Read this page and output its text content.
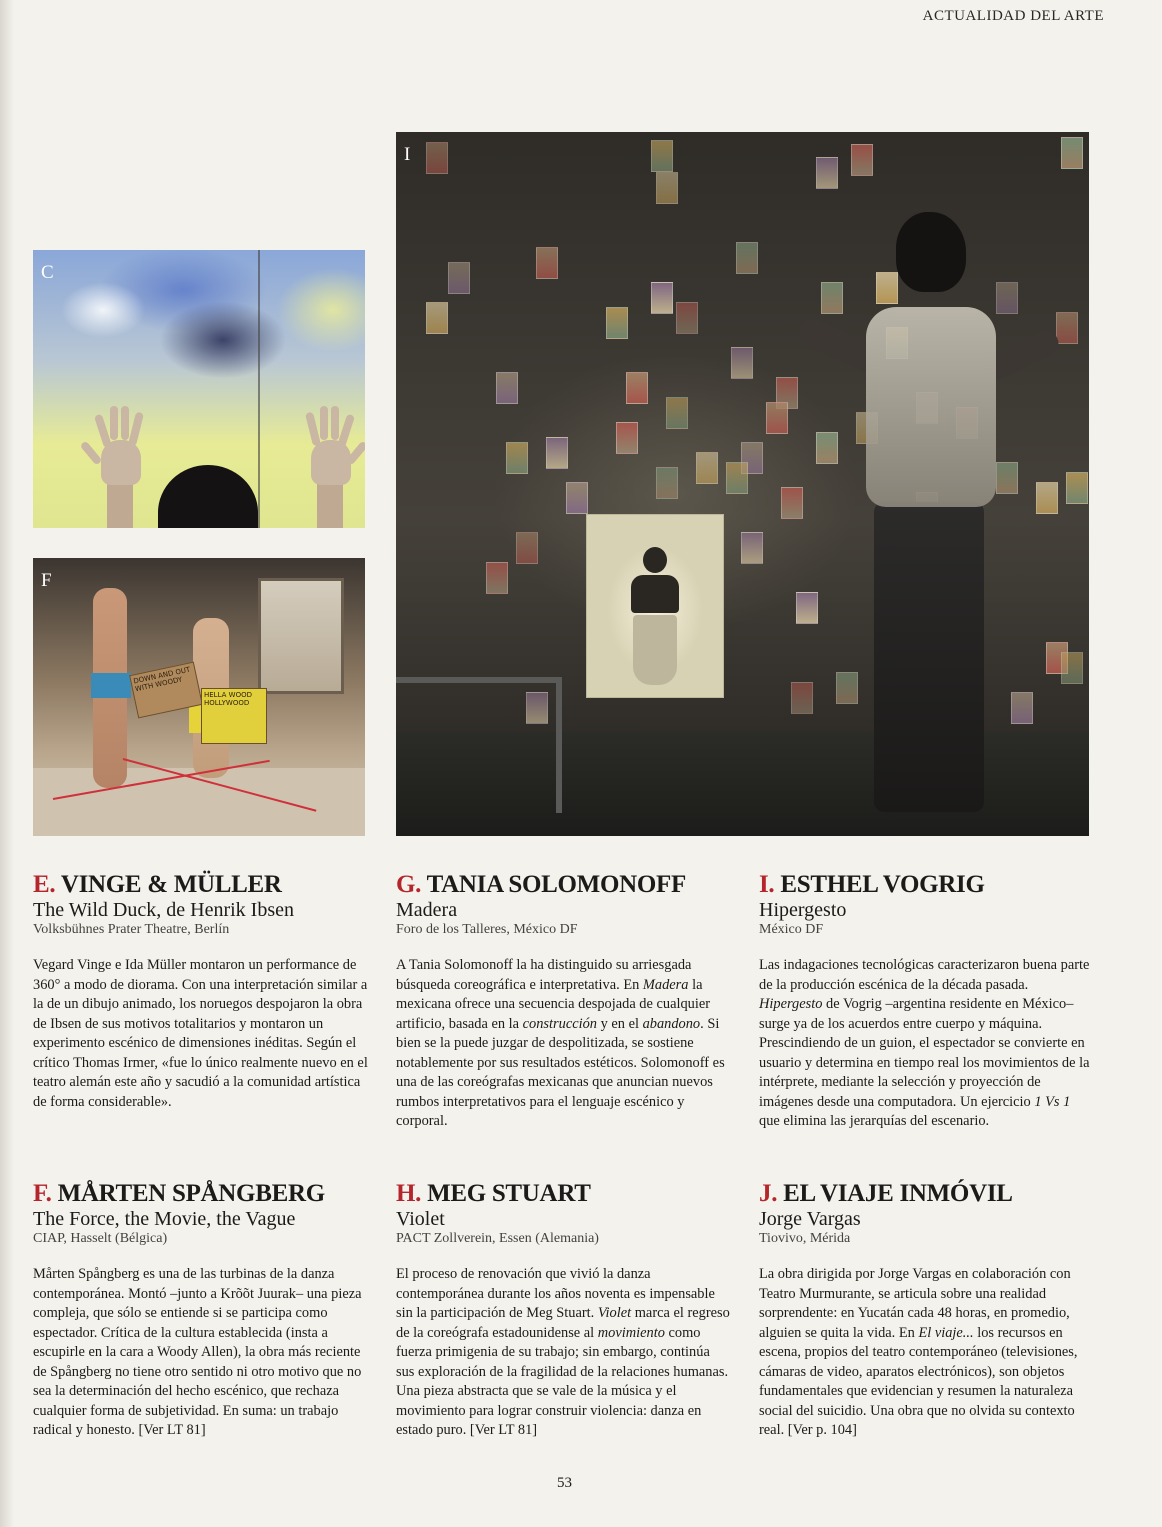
ACTUALIDAD DEL ARTE
C
DOWN AND OUT WITH WOODY
HELLA WOOD HOLLYWOOD
F
I
E. VINGE & MÜLLER

The Wild Duck, de Henrik Ibsen

Volksbühnes Prater Theatre, Berlín

Vegard Vinge e Ida Müller montaron un performance de 360° a modo de diorama. Con una interpretación similar a la de un dibujo animado, los noruegos despojaron la obra de Ibsen de sus motivos totalitarios y montaron un experimento escénico de dimensiones inéditas. Según el crítico Thomas Irmer, «fue lo único realmente nuevo en el teatro alemán este año y sacudió a la comunidad artística de forma considerable».

F. MÅRTEN SPÅNGBERG

The Force, the Movie, the Vague

CIAP, Hasselt (Bélgica)

Mårten Spångberg es una de las turbinas de la danza contemporánea. Montó –junto a Krõõt Juurak– una pieza compleja, que sólo se entiende si se participa como espectador. Crítica de la cultura establecida (insta a escupirle en la cara a Woody Allen), la obra más reciente de Spångberg no tiene otro sentido ni otro motivo que no sea la determinación del hecho escénico, que rechaza cualquier forma de subjetividad. En suma: un trabajo radical y honesto. [Ver LT 81]

G. TANIA SOLOMONOFF

Madera

Foro de los Talleres, México DF

A Tania Solomonoff la ha distinguido su arriesgada búsqueda coreográfica e interpretativa. En Madera la mexicana ofrece una secuencia despojada de cualquier artificio, basada en la construcción y en el abandono. Si bien se la puede juzgar de despolitizada, se sostiene notablemente por sus resultados estéticos. Solomonoff es una de las coreógrafas mexicanas que anuncian nuevos rumbos interpretativos para el lenguaje escénico y corporal.

H. MEG STUART

Violet

PACT Zollverein, Essen (Alemania)

El proceso de renovación que vivió la danza contemporánea durante los años noventa es impensable sin la participación de Meg Stuart. Violet marca el regreso de la coreógrafa estadounidense al movimiento como fuerza primigenia de su trabajo; sin embargo, continúa sus exploración de la fragilidad de la relaciones humanas. Una pieza abstracta que se vale de la música y el movimiento para lograr construir violencia: danza en estado puro. [Ver LT 81]

I. ESTHEL VOGRIG

Hipergesto

México DF

Las indagaciones tecnológicas caracterizaron buena parte de la producción escénica de la década pasada. Hipergesto de Vogrig –argentina residente en México– surge ya de los acuerdos entre cuerpo y máquina. Prescindiendo de un guion, el espectador se convierte en usuario y determina en tiempo real los movimientos de la intérprete, mediante la selección y proyección de imágenes desde una computadora. Un ejercicio 1 Vs 1 que elimina las jerarquías del escenario.

J. EL VIAJE INMÓVIL

Jorge Vargas

Tiovivo, Mérida

La obra dirigida por Jorge Vargas en colaboración con Teatro Murmurante, se articula sobre una realidad sorprendente: en Yucatán cada 48 horas, en promedio, alguien se quita la vida. En El viaje... los recursos en escena, propios del teatro contemporáneo (televisiones, cámaras de video, aparatos electrónicos), son objetos fundamentales que evidencian y resumen la naturaleza social del suicidio. Una obra que no olvida su contexto real. [Ver p. 104]

53
